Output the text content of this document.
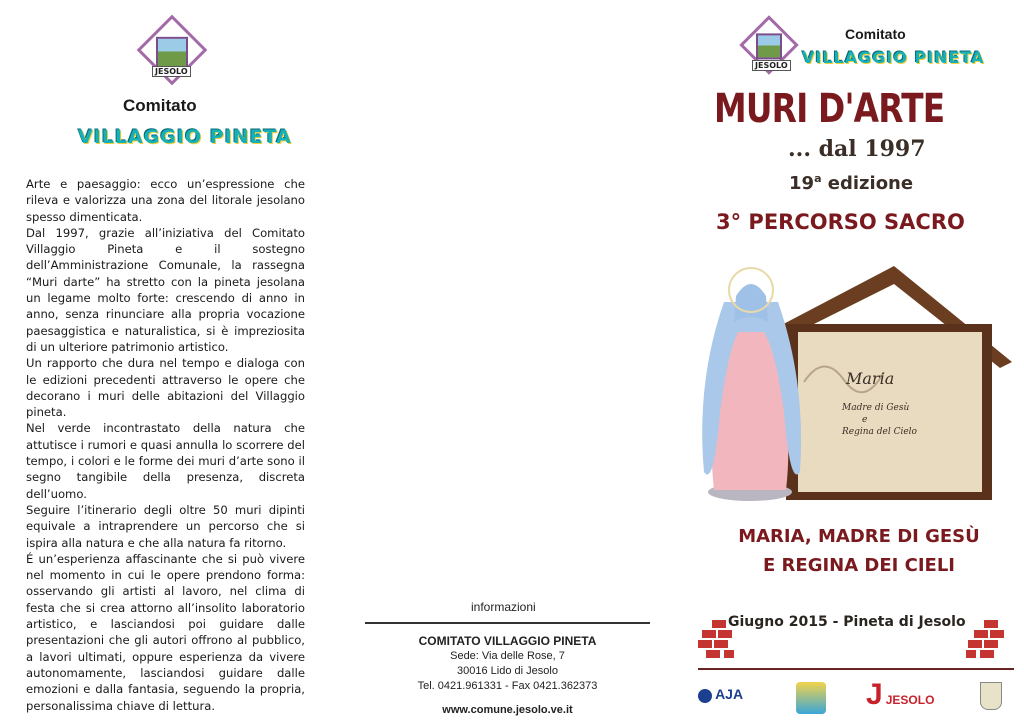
JESOLO
Comitato
VILLAGGIO PINETA

Arte e paesaggio: ecco un’espressione che rileva e valorizza una zona del litorale jesolano spesso dimenticata.

Dal 1997, grazie all’iniziativa del Comitato Villaggio Pineta e il sostegno dell’Amministrazione Comunale, la rassegna “Muri darte” ha stretto con la pineta jesolana un legame molto forte: crescendo di anno in anno, senza rinunciare alla propria vocazione paesaggistica e naturalistica, si è impreziosita di un ulteriore patrimonio artistico.

Un rapporto che dura nel tempo e dialoga con le edizioni precedenti attraverso le opere che decorano i muri delle abitazioni del Villaggio pineta.

Nel verde incontrastato della natura che attutisce i rumori e quasi annulla lo scorrere del tempo, i colori e le forme dei muri d’arte sono il segno tangibile della presenza, discreta dell’uomo.

Seguire l’itinerario degli oltre 50 muri dipinti equivale a intraprendere un percorso che si ispira alla natura e che alla natura fa ritorno.

É un’esperienza affascinante che si può vivere nel momento in cui le opere prendono forma: osservando gli artisti al lavoro, nel clima di festa che si crea attorno all’insolito laboratorio artistico, e lasciandosi poi guidare dalle presentazioni che gli autori offrono al pubblico, a lavori ultimati, oppure esperienza da vivere autonomamente, lasciandosi guidare dalle emozioni e dalla fantasia, seguendo la propria, personalissima chiave di lettura.

informazioni
COMITATO VILLAGGIO PINETA
Sede: Via delle Rose, 7
30016 Lido di Jesolo
Tel. 0421.961331 - Fax 0421.362373
www.comune.jesolo.ve.it
JESOLO
Comitato
VILLAGGIO PINETA
MURI D'ARTE
... dal 1997
19$^a$ edizione
3° PERCORSO SACRO
Maria
Madre di Gesù
e
Regina del Cielo
MARIA, MADRE DI GESÙ
E REGINA DEI CIELI
Giugno 2015 - Pineta di Jesolo
AJA	J JESOLO
